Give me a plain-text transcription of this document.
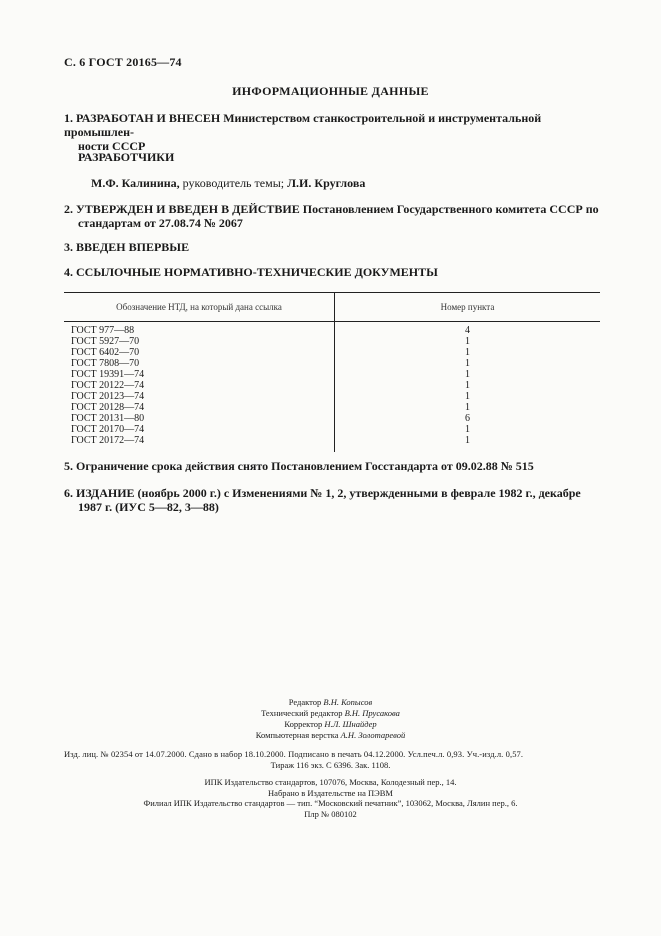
С. 6 ГОСТ 20165—74
ИНФОРМАЦИОННЫЕ ДАННЫЕ
1. РАЗРАБОТАН И ВНЕСЕН Министерством станкостроительной и инструментальной промышлен-
ности СССР
РАЗРАБОТЧИКИ
М.Ф. Калинина, руководитель темы; Л.И. Круглова
2. УТВЕРЖДЕН И ВВЕДЕН В ДЕЙСТВИЕ Постановлением Государственного комитета СССР по
стандартам от 27.08.74 № 2067
3. ВВЕДЕН ВПЕРВЫЕ
4. ССЫЛОЧНЫЕ НОРМАТИВНО-ТЕХНИЧЕСКИЕ ДОКУМЕНТЫ
Обозначение НТД, на который дана ссылка	Номер пункта
ГОСТ 977—88	4
ГОСТ 5927—70	1
ГОСТ 6402—70	1
ГОСТ 7808—70	1
ГОСТ 19391—74	1
ГОСТ 20122—74	1
ГОСТ 20123—74	1
ГОСТ 20128—74	1
ГОСТ 20131—80	6
ГОСТ 20170—74	1
ГОСТ 20172—74	1
5. Ограничение срока действия снято Постановлением Госстандарта от 09.02.88 № 515
6. ИЗДАНИЕ (ноябрь 2000 г.) с Изменениями № 1, 2, утвержденными в феврале 1982 г., декабре
1987 г. (ИУС 5—82, 3—88)
Редактор В.Н. Копысов
Технический редактор В.Н. Прусакова
Корректор Н.Л. Шнайдер
Компьютерная верстка А.Н. Золотаревой
Изд. лиц. № 02354 от 14.07.2000. Сдано в набор 18.10.2000. Подписано в печать 04.12.2000. Усл.печ.л. 0,93. Уч.-изд.л. 0,57.
Тираж 116 экз. С 6396. Зак. 1108.
ИПК Издательство стандартов, 107076, Москва, Колодезный пер., 14.
Набрано в Издательстве на ПЭВМ
Филиал ИПК Издательство стандартов — тип. “Московский печатник”, 103062, Москва, Лялин пер., 6.
Плр № 080102
